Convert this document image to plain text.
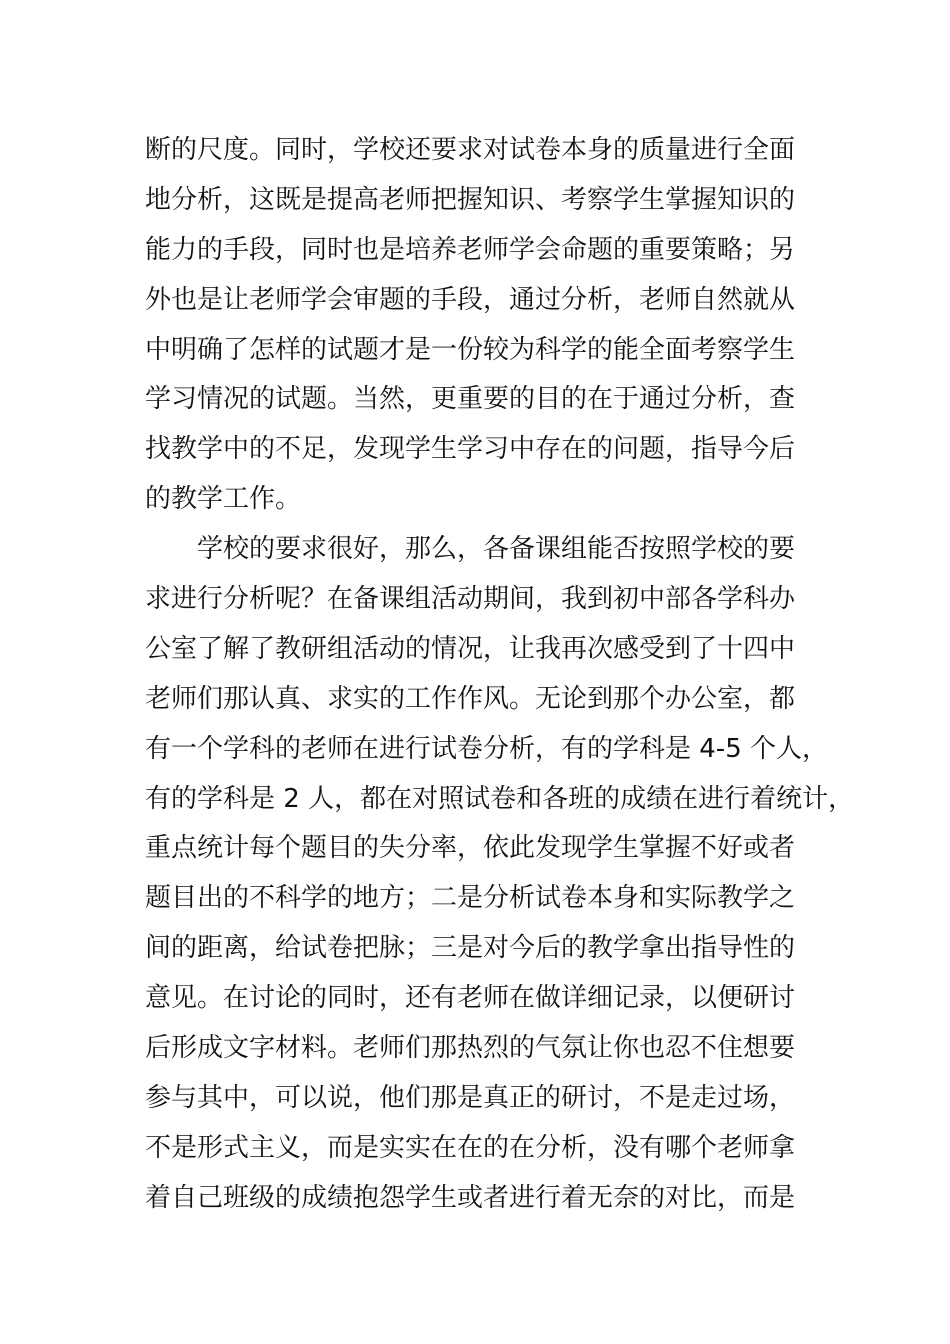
断的尺度。同时，学校还要求对试卷本身的质量进行全面
地分析，这既是提高老师把握知识、考察学生掌握知识的
能力的手段，同时也是培养老师学会命题的重要策略；另
外也是让老师学会审题的手段，通过分析，老师自然就从
中明确了怎样的试题才是一份较为科学的能全面考察学生
学习情况的试题。当然，更重要的目的在于通过分析，查
找教学中的不足，发现学生学习中存在的问题，指导今后
的教学工作。
　　学校的要求很好，那么，各备课组能否按照学校的要
求进行分析呢？在备课组活动期间，我到初中部各学科办
公室了解了教研组活动的情况，让我再次感受到了十四中
老师们那认真、求实的工作作风。无论到那个办公室，都
有一个学科的老师在进行试卷分析，有的学科是 4-5 个人，
有的学科是 2 人，都在对照试卷和各班的成绩在进行着统计，
重点统计每个题目的失分率，依此发现学生掌握不好或者
题目出的不科学的地方；二是分析试卷本身和实际教学之
间的距离，给试卷把脉；三是对今后的教学拿出指导性的
意见。在讨论的同时，还有老师在做详细记录，以便研讨
后形成文字材料。老师们那热烈的气氛让你也忍不住想要
参与其中，可以说，他们那是真正的研讨，不是走过场，
不是形式主义，而是实实在在的在分析，没有哪个老师拿
着自己班级的成绩抱怨学生或者进行着无奈的对比，而是
